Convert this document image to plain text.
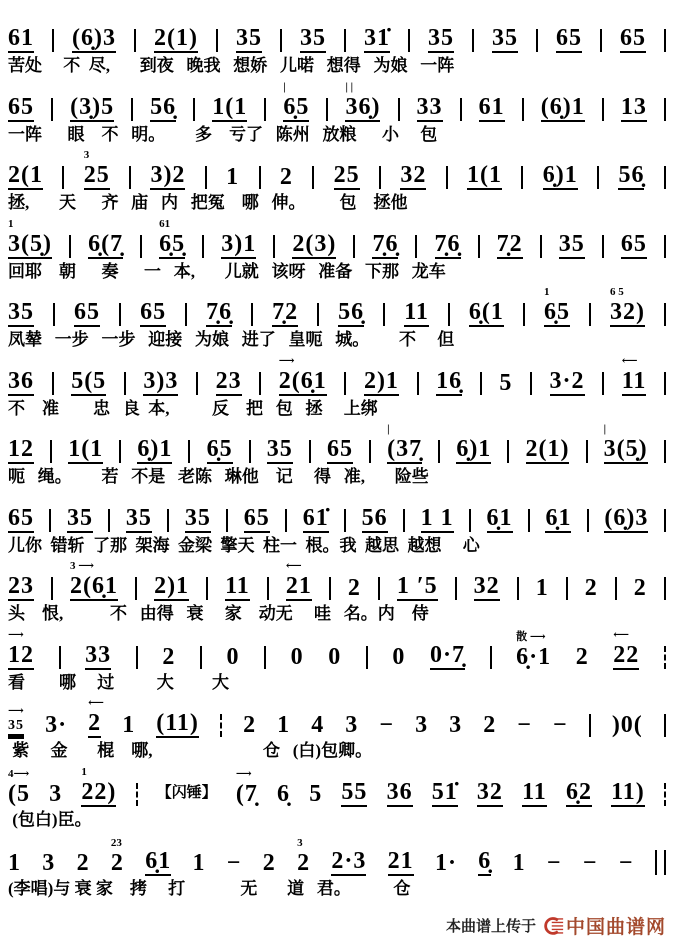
61 (6̣)3 2(1) 35 35 31̇ 35 35 65 65
苦处     不  尽,       到夜   晚我   想娇   儿喏   想得   为娘   一阵
65 (3̣)5 56̣ 1(1 6̣5
|
36̣)
| |
33 61 (6̣)1 13
一阵      眼    不   明。       多    亏了   陈州   放粮      小     包
2(1 25
3
3)2 1 2 25 32 1(1 6̣)1 56̣
拯,       天      齐   庙   内   把冤    哪   伸。        包    拯他
3(5̣)
1
6̣(7̣ 6̣5̣
61
3)1 2(3) 7̣6̣ 7̣6̣ 7̣2 35 65
回耶    朝      奏      一   本,       儿就   该呀   准备   下那   龙车
35 65 65 7̣6̣ 7̣2 56̣ 11 6̣(1 6̣5
1
32)
6 5
凤辇   一步   一步   迎接   为娘   进了   皇呃   城。       不     但
36 5(5 3)3 23 2(6̣1
⟶
2)1 16̣ 5 3·2 11
⟵
不    准        忠   良  本,          反    把   包   拯     上绑
12 1(1 6̣)1 6̣5 35 65 (37̣
|
6̣)1 2(1) 3(5̣)
|
呃   绳。       若   不是   老陈   琳他    记     得   准,       险些
65 35 35 35 65 61̇ 56 1 1 6̣1 6̣1 (6̣)3
儿你  错斩  了那  架海  金梁  擎天  柱一  根。我  越思  越想     心
23 2(6̣1
3 ⟶
2)1 11 21
⟵
2 1 ′5 32 1 2 2
头    恨,           不   由得   衰     家    动无     哇   名。内    侍
12
⟶
33 2 0 0 0 0 0·7̣ 6̣·1
散 ⟶
2 22
⟵
看        哪     过          大         大
35
⟶
3· 2
⟵
1 (11) 2 1 4 3 − 3 3 2 − − )0(
紫     金       棍    哪,                          仓   (白)包卿。
(5
4⟶
3 22)
1
【闪锤】 (7̣
⟶
6̣ 5 55 36 51̇ 32 11 6̣2 11)
(包白)臣。
1 3 2 2
23
6̣1 1 − 2 2
3
2·3 21 1· 6̣ 1 − − −
(李唱)与 衰 家    拷     打             无       道   君。          仓
本曲谱上传于 中国曲谱网
